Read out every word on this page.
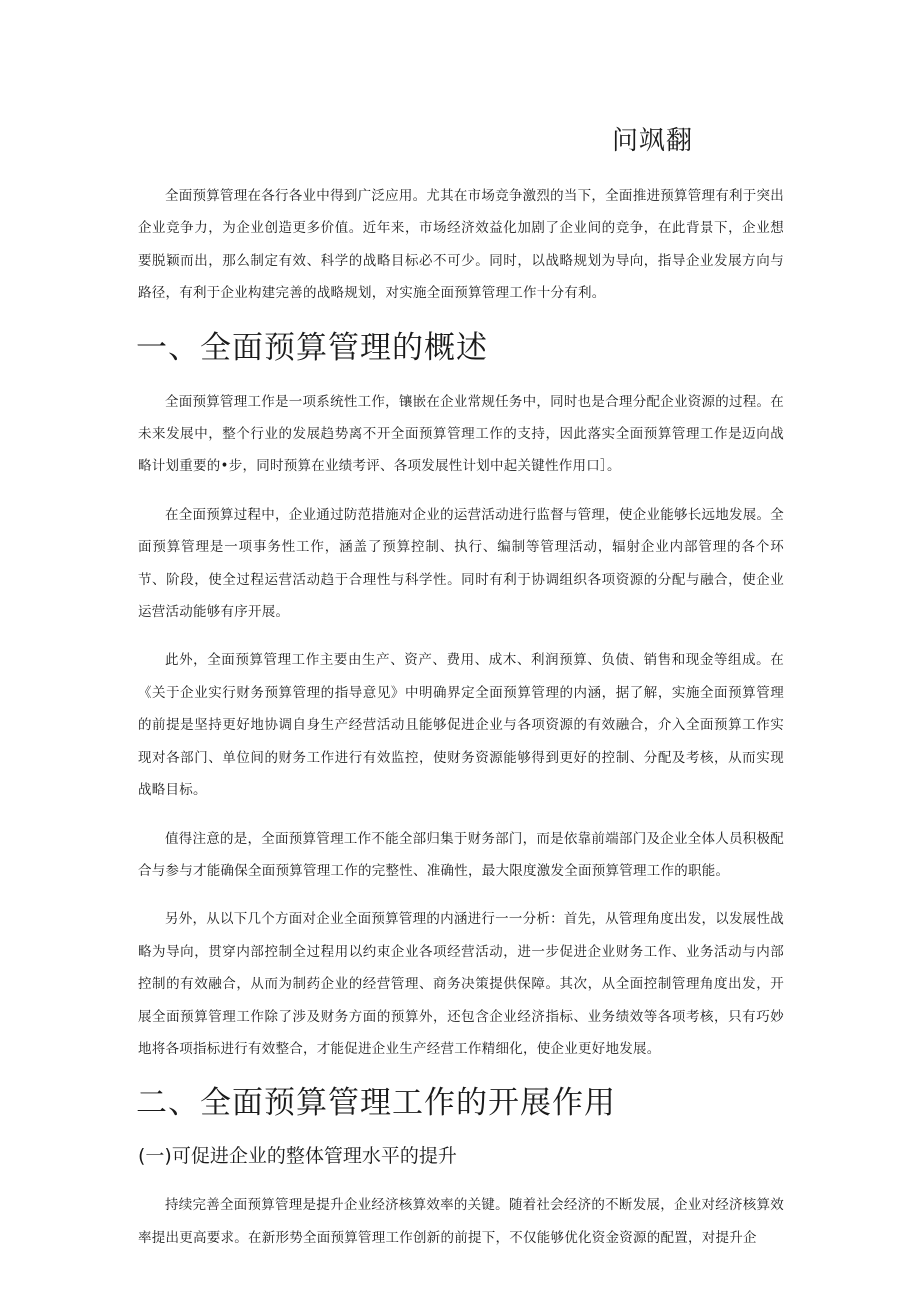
问飒翻

全面预算管理在各行各业中得到广泛应用。尤其在市场竞争激烈的当下，全面推进预算管理有利于突出企业竞争力，为企业创造更多价值。近年来，市场经济效益化加剧了企业间的竞争，在此背景下，企业想要脱颖而出，那么制定有效、科学的战略目标必不可少。同时，以战略规划为导向，指导企业发展方向与路径，有利于企业构建完善的战略规划，对实施全面预算管理工作十分有利。

一、全面预算管理的概述

全面预算管理工作是一项系统性工作，镶嵌在企业常规任务中，同时也是合理分配企业资源的过程。在未来发展中，整个行业的发展趋势离不开全面预算管理工作的支持，因此落实全面预算管理工作是迈向战略计划重要的•步，同时预算在业绩考评、各项发展性计划中起关键性作用口］。

在全面预算过程中，企业通过防范措施对企业的运营活动进行监督与管理，使企业能够长远地发展。全面预算管理是一项事务性工作，涵盖了预算控制、执行、编制等管理活动，辐射企业内部管理的各个环节、阶段，使全过程运营活动趋于合理性与科学性。同时有利于协调组织各项资源的分配与融合，使企业运营活动能够有序开展。

此外，全面预算管理工作主要由生产、资产、费用、成木、利润预算、负债、销售和现金等组成。在《关于企业实行财务预算管理的指导意见》中明确界定全面预算管理的内涵，据了解，实施全面预算管理的前提是坚持更好地协调自身生产经营活动且能够促进企业与各项资源的有效融合，介入全面预算工作实现对各部门、单位间的财务工作进行有效监控，使财务资源能够得到更好的控制、分配及考核，从而实现战略目标。

值得注意的是，全面预算管理工作不能全部归集于财务部门，而是依靠前端部门及企业全体人员积极配合与参与才能确保全面预算管理工作的完整性、准确性，最大限度激发全面预算管理工作的职能。

另外，从以下几个方面对企业全面预算管理的内涵进行一一分析：首先，从管理角度出发，以发展性战略为导向，贯穿内部控制全过程用以约束企业各项经营活动，进一步促进企业财务工作、业务活动与内部控制的有效融合，从而为制药企业的经营管理、商务决策提供保障。其次，从全面控制管理角度出发，开展全面预算管理工作除了涉及财务方面的预算外，还包含企业经济指标、业务绩效等各项考核，只有巧妙地将各项指标进行有效整合，才能促进企业生产经营工作精细化，使企业更好地发展。

二、全面预算管理工作的开展作用
(一)可促进企业的整体管理水平的提升

持续完善全面预算管理是提升企业经济核算效率的关键。随着社会经济的不断发展，企业对经济核算效率提出更高要求。在新形势全面预算管理工作创新的前提下，不仅能够优化资金资源的配置，对提升企
